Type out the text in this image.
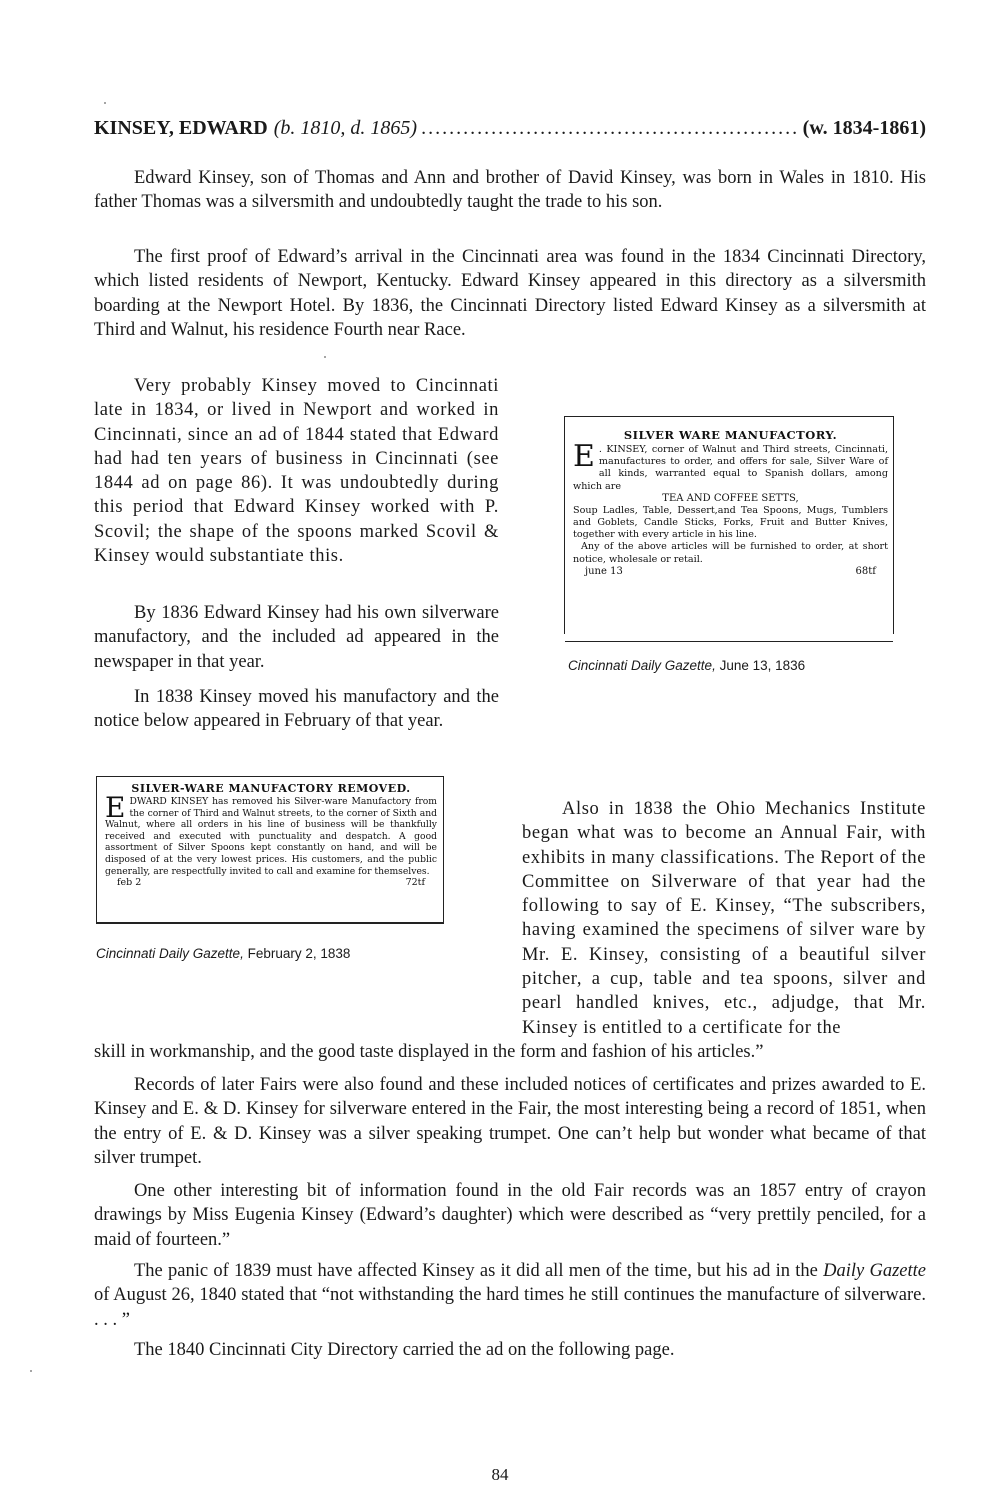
KINSEY, EDWARD (b. 1810, d. 1865)
.....	(w. 1834-1861)

Edward Kinsey, son of Thomas and Ann and brother of David Kinsey, was born in Wales in 1810. His father Thomas was a silversmith and undoubtedly taught the trade to his son.

The first proof of Edward’s arrival in the Cincinnati area was found in the 1834 Cincinnati Directory, which listed residents of Newport, Kentucky. Edward Kinsey appeared in this directory as a silversmith boarding at the Newport Hotel. By 1836, the Cincinnati Directory listed Edward Kinsey as a silversmith at Third and Walnut, his residence Fourth near Race.

Very probably Kinsey moved to Cincinnati late in 1834, or lived in Newport and worked in Cincinnati, since an ad of 1844 stated that Edward had had ten years of business in Cincinnati (see 1844 ad on page 86). It was undoubtedly during this period that Edward Kinsey worked with P. Scovil; the shape of the spoons marked Scovil & Kinsey would substantiate this.

By 1836 Edward Kinsey had his own silverware manufactory, and the included ad appeared in the newspaper in that year.

In 1838 Kinsey moved his manufactory and the notice below appeared in February of that year.

SILVER WARE MANUFACTORY.
E . KINSEY, corner of Walnut and Third streets, Cincinnati, manufactures to order, and offers for sale, Silver Ware of all kinds, warranted equal to Spanish dollars, among which are
TEA AND COFFEE SETTS,
Soup Ladles, Table, Dessert,and Tea Spoons, Mugs, Tumblers and Goblets, Candle Sticks, Forks, Fruit and Butter Knives, together with every article in his line.
Any of the above articles will be furnished to order, at short notice, wholesale or retail.
june 13	68tf
Cincinnati Daily Gazette, June 13, 1836
SILVER-WARE MANUFACTORY REMOVED.
E DWARD KINSEY has removed his Silver-ware Manufactory from the corner of Third and Walnut streets, to the corner of Sixth and Walnut, where all orders in his line of business will be thankfully received and executed with punctuality and despatch. A good assortment of Silver Spoons kept constantly on hand, and will be disposed of at the very lowest prices. His customers, and the public generally, are respectfully invited to call and examine for themselves.
feb 2	72tf
Cincinnati Daily Gazette, February 2, 1838

Also in 1838 the Ohio Mechanics Institute began what was to become an Annual Fair, with exhibits in many classifications. The Report of the Committee on Silverware of that year had the following to say of E. Kinsey, “The subscribers, having examined the specimens of silver ware by Mr. E. Kinsey, consisting of a beautiful silver pitcher, a cup, table and tea spoons, silver and pearl handled knives, etc., adjudge, that Mr. Kinsey is entitled to a certificate for the

skill in workmanship, and the good taste displayed in the form and fashion of his articles.”

Records of later Fairs were also found and these included notices of certificates and prizes awarded to E. Kinsey and E. & D. Kinsey for silverware entered in the Fair, the most interesting being a record of 1851, when the entry of E. & D. Kinsey was a silver speaking trumpet. One can’t help but wonder what became of that silver trumpet.

One other interesting bit of information found in the old Fair records was an 1857 entry of crayon drawings by Miss Eugenia Kinsey (Edward’s daughter) which were described as “very prettily penciled, for a maid of fourteen.”

The panic of 1839 must have affected Kinsey as it did all men of the time, but his ad in the Daily Gazette of August 26, 1840 stated that “not withstanding the hard times he still continues the manufacture of silverware. . . . ”

The 1840 Cincinnati City Directory carried the ad on the following page.

84
